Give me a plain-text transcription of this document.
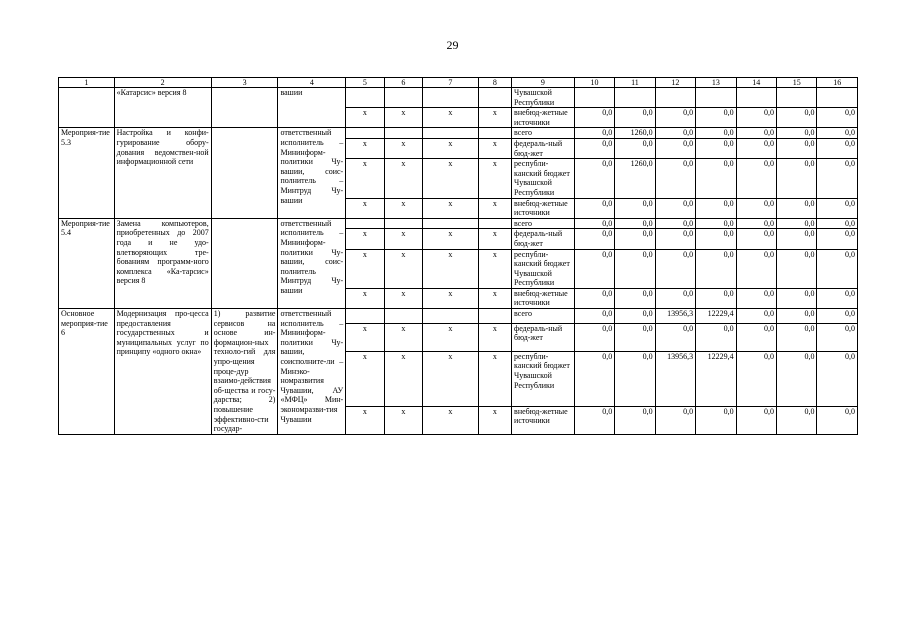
29
1	2	3	4	5	6	7	8	9	10	11	12	13	14	15	16
	«Катарсис» версия 8		вашии					Чувашской Республики							
				х	х	х	х	внебюд-жетные источники	0,0	0,0	0,0	0,0	0,0	0,0	0,0
Мероприя-тие 5.3	Настройка и конфи-гурирование обору-дования ведомствен-ной информационной сети		ответственный исполнитель – Мининформ-политики Чу-вашии, соис-полнитель – Минтруд Чу-вашии					всего	0,0	1260,0	0,0	0,0	0,0	0,0	0,0
				х	х	х	х	федераль-ный бюд-жет	0,0	0,0	0,0	0,0	0,0	0,0	0,0
				х	х	х	х	республи-канский бюджет Чувашской Республики	0,0	1260,0	0,0	0,0	0,0	0,0	0,0
				х	х	х	х	внебюд-жетные источники	0,0	0,0	0,0	0,0	0,0	0,0	0,0
Мероприя-тие 5.4	Замена компьютеров, приобретенных до 2007 года и не удо-влетворяющих тре-бованиям программ-ного комплекса «Ка-тарсис» версия 8		ответственный исполнитель – Мининформ-политики Чу-вашии, соис-полнитель Минтруд Чу-вашии					всего	0,0	0,0	0,0	0,0	0,0	0,0	0,0
				х	х	х	х	федераль-ный бюд-жет	0,0	0,0	0,0	0,0	0,0	0,0	0,0
				х	х	х	х	республи-канский бюджет Чувашской Республики	0,0	0,0	0,0	0,0	0,0	0,0	0,0
				х	х	х	х	внебюд-жетные источники	0,0	0,0	0,0	0,0	0,0	0,0	0,0
Основное мероприя-тие 6	Модернизация про-цесса предоставления государственных и муниципальных услуг по принципу «одного окна»	1) развитие сервисов на основе ин-формацион-ных техноло-гий для упро-щения проце-дур взаимо-действия об-щества и госу-дарства; 2) повышение эффективно-сти государ-	ответственный исполнитель – Мининформ-политики Чу-вашии, соисполните-ли – Минэко-номразвития Чувашии, АУ «МФЦ» Мин-экономразви-тия Чувашии					всего	0,0	0,0	13956,3	12229,4	0,0	0,0	0,0
				х	х	х	х	федераль-ный бюд-жет	0,0	0,0	0,0	0,0	0,0	0,0	0,0
				х	х	х	х	республи-канский бюджет Чувашской Республики	0,0	0,0	13956,3	12229,4	0,0	0,0	0,0
				х	х	х	х	внебюд-жетные источники	0,0	0,0	0,0	0,0	0,0	0,0	0,0
